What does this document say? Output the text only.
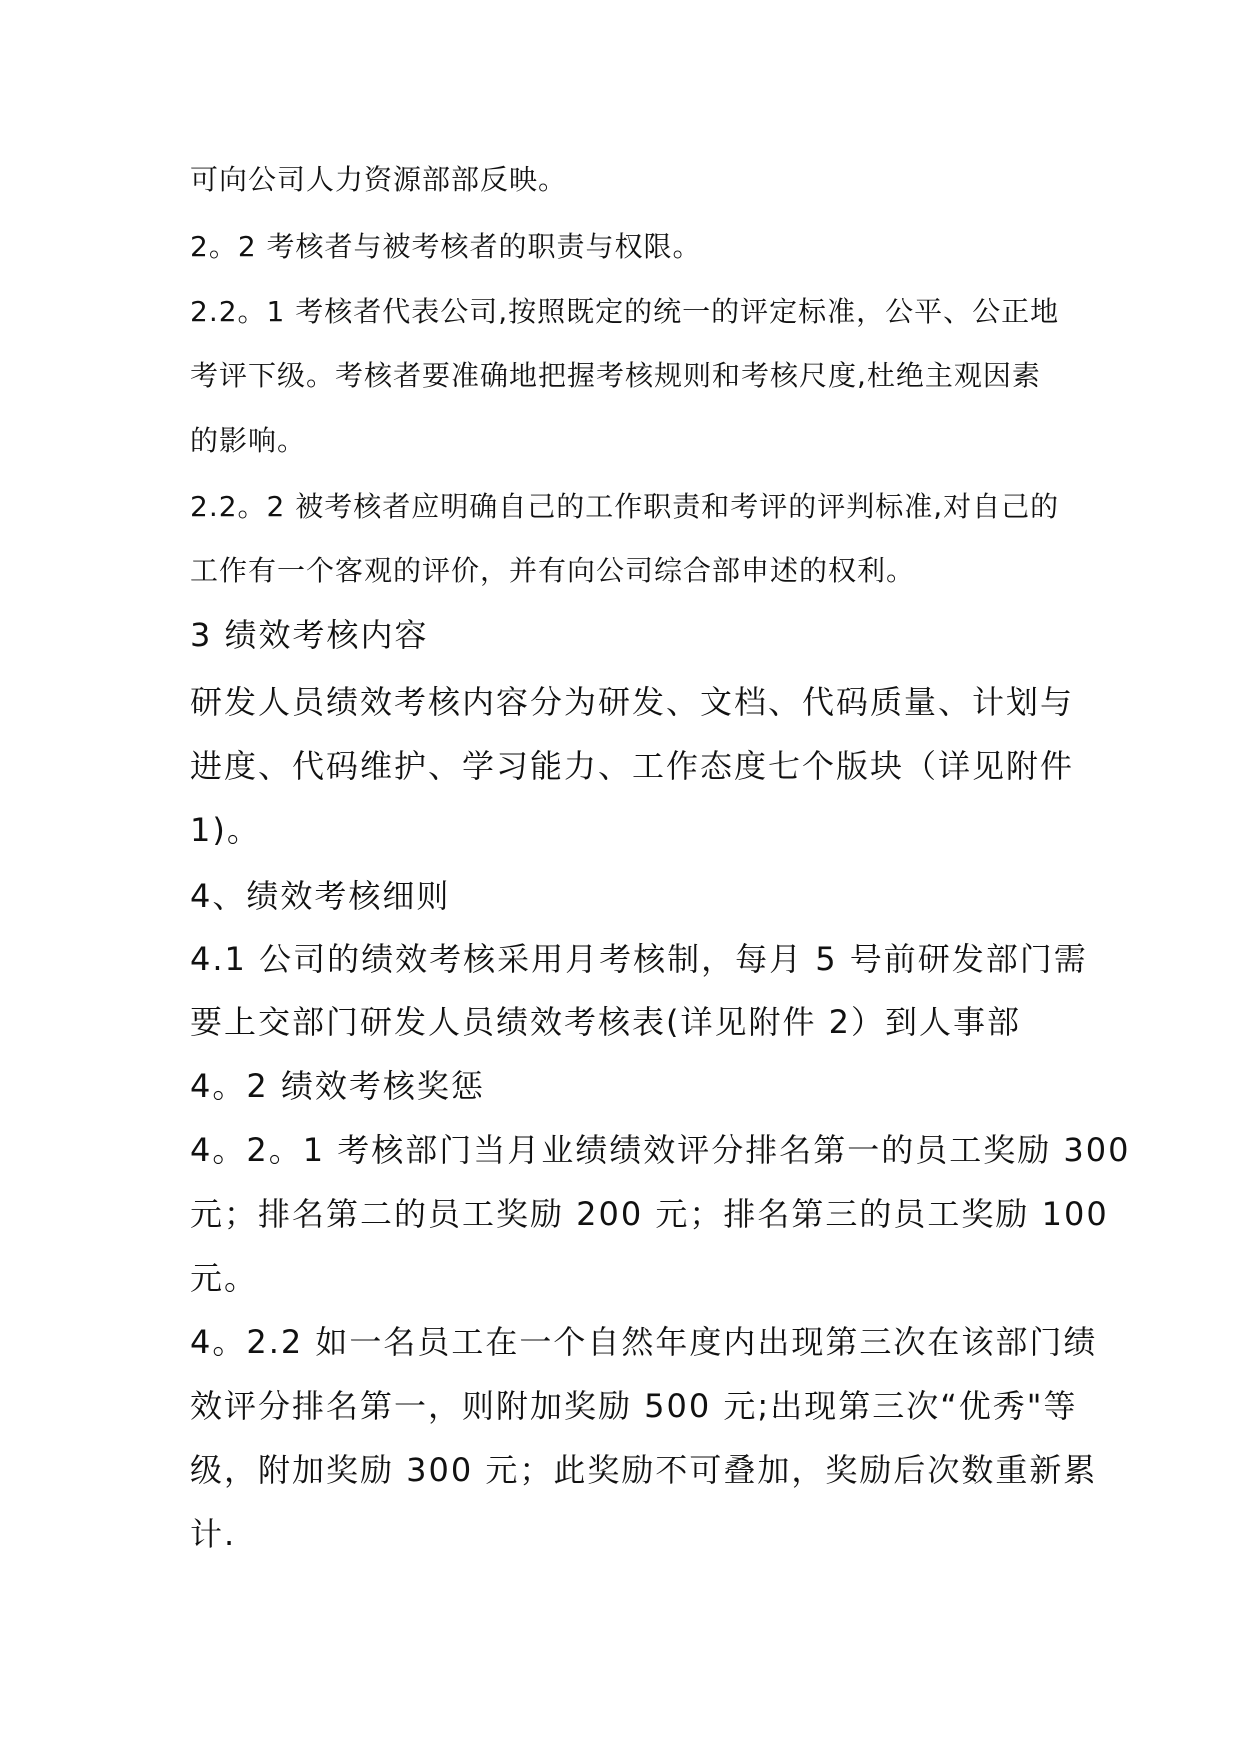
可向公司人力资源部部反映。
2。2 考核者与被考核者的职责与权限。
2.2。1 考核者代表公司,按照既定的统一的评定标准，公平、公正地
考评下级。考核者要准确地把握考核规则和考核尺度,杜绝主观因素
的影响。
2.2。2 被考核者应明确自己的工作职责和考评的评判标准,对自己的
工作有一个客观的评价，并有向公司综合部申述的权利。
3 绩效考核内容
研发人员绩效考核内容分为研发、文档、代码质量、计划与
进度、代码维护、学习能力、工作态度七个版块（详见附件
1)。
4、绩效考核细则
4.1 公司的绩效考核采用月考核制，每月 5 号前研发部门需
要上交部门研发人员绩效考核表(详见附件 2）到人事部
4。2 绩效考核奖惩
4。2。1 考核部门当月业绩绩效评分排名第一的员工奖励 300
元；排名第二的员工奖励 200 元；排名第三的员工奖励 100
元。
4。2.2 如一名员工在一个自然年度内出现第三次在该部门绩
效评分排名第一，则附加奖励 500 元;出现第三次“优秀"等
级，附加奖励 300 元；此奖励不可叠加，奖励后次数重新累
计.
